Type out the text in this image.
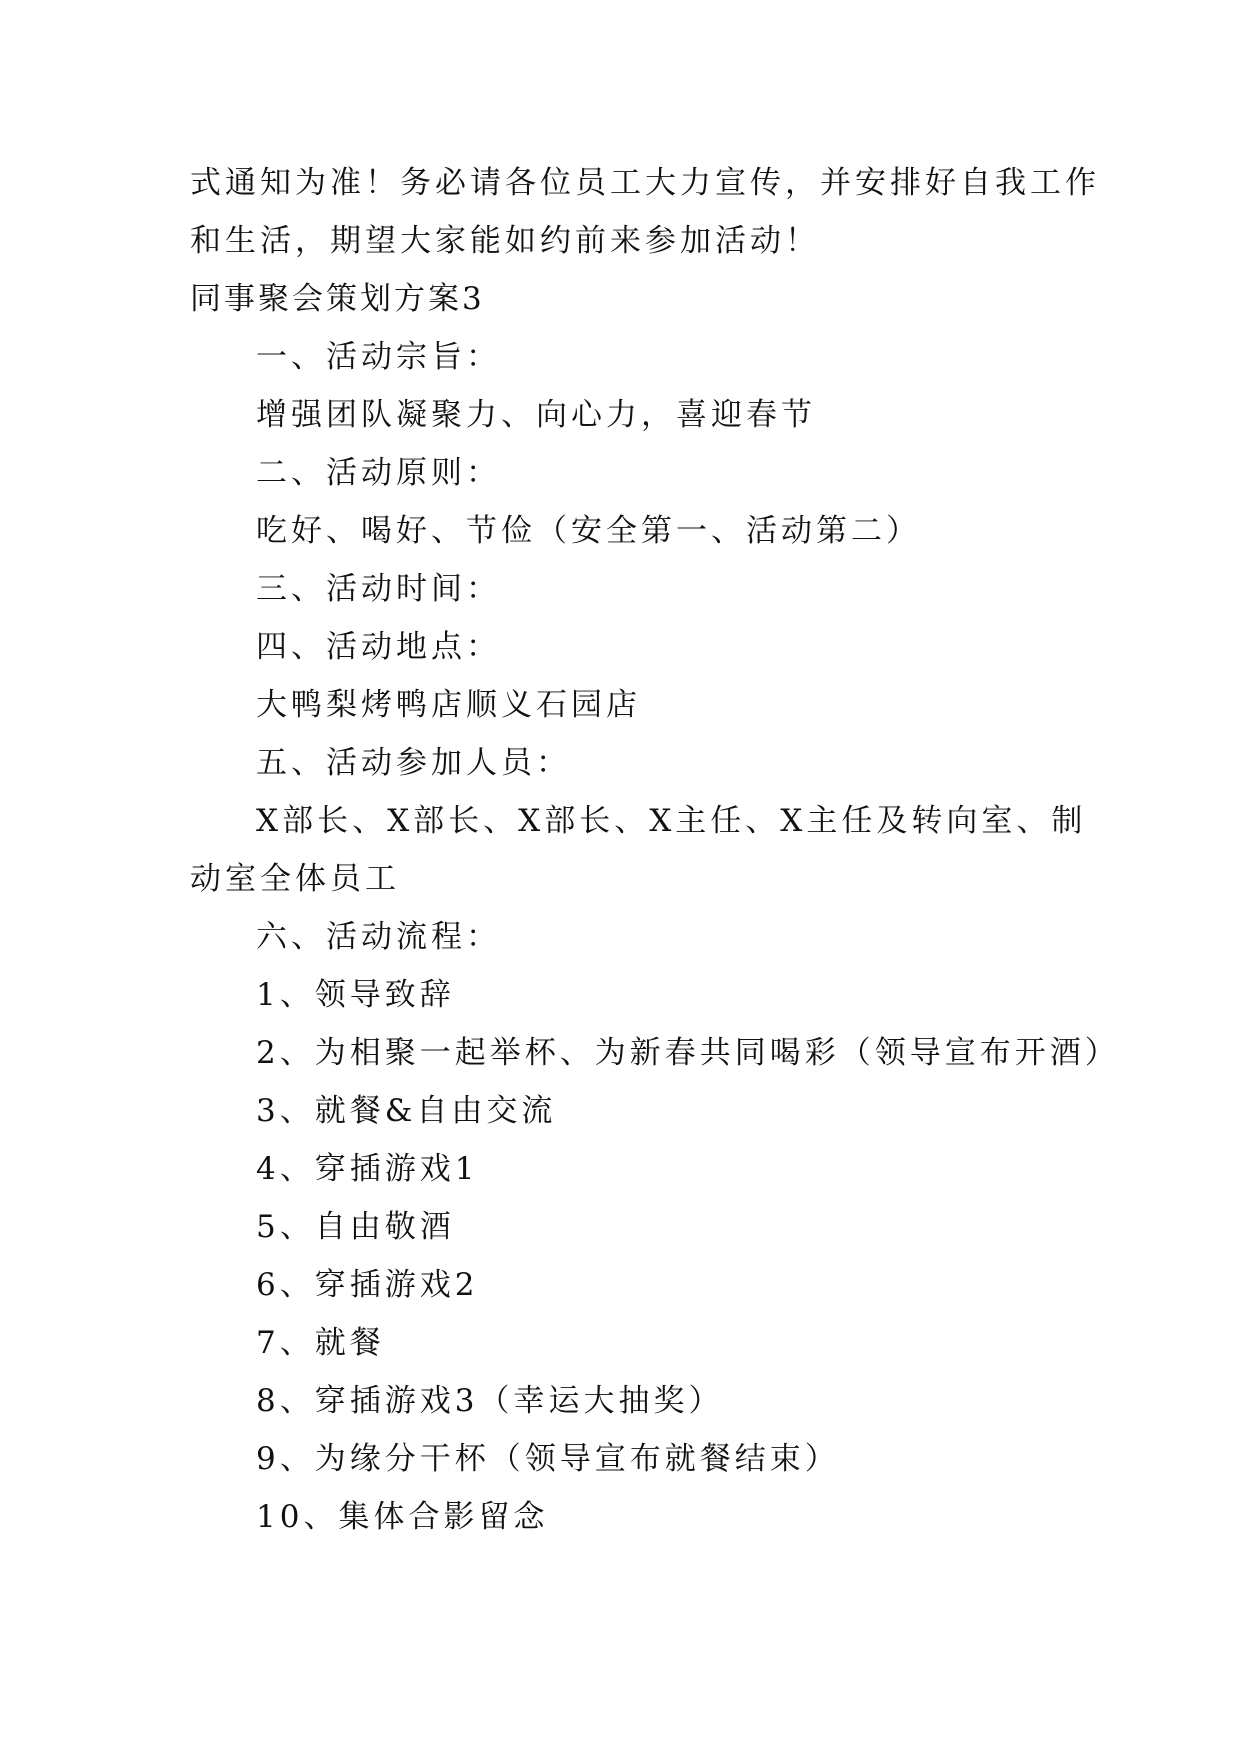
式通知为准！务必请各位员工大力宣传，并安排好自我工作
和生活，期望大家能如约前来参加活动！
同事聚会策划方案3
一、活动宗旨：
增强团队凝聚力、向心力，喜迎春节
二、活动原则：
吃好、喝好、节俭（安全第一、活动第二）
三、活动时间：
四、活动地点：
大鸭梨烤鸭店顺义石园店
五、活动参加人员：
X部长、X部长、X部长、X主任、X主任及转向室、制
动室全体员工
六、活动流程：
1、领导致辞
2、为相聚一起举杯、为新春共同喝彩（领导宣布开酒）
3、就餐&自由交流
4、穿插游戏1
5、自由敬酒
6、穿插游戏2
7、就餐
8、穿插游戏3（幸运大抽奖）
9、为缘分干杯（领导宣布就餐结束）
10、集体合影留念
